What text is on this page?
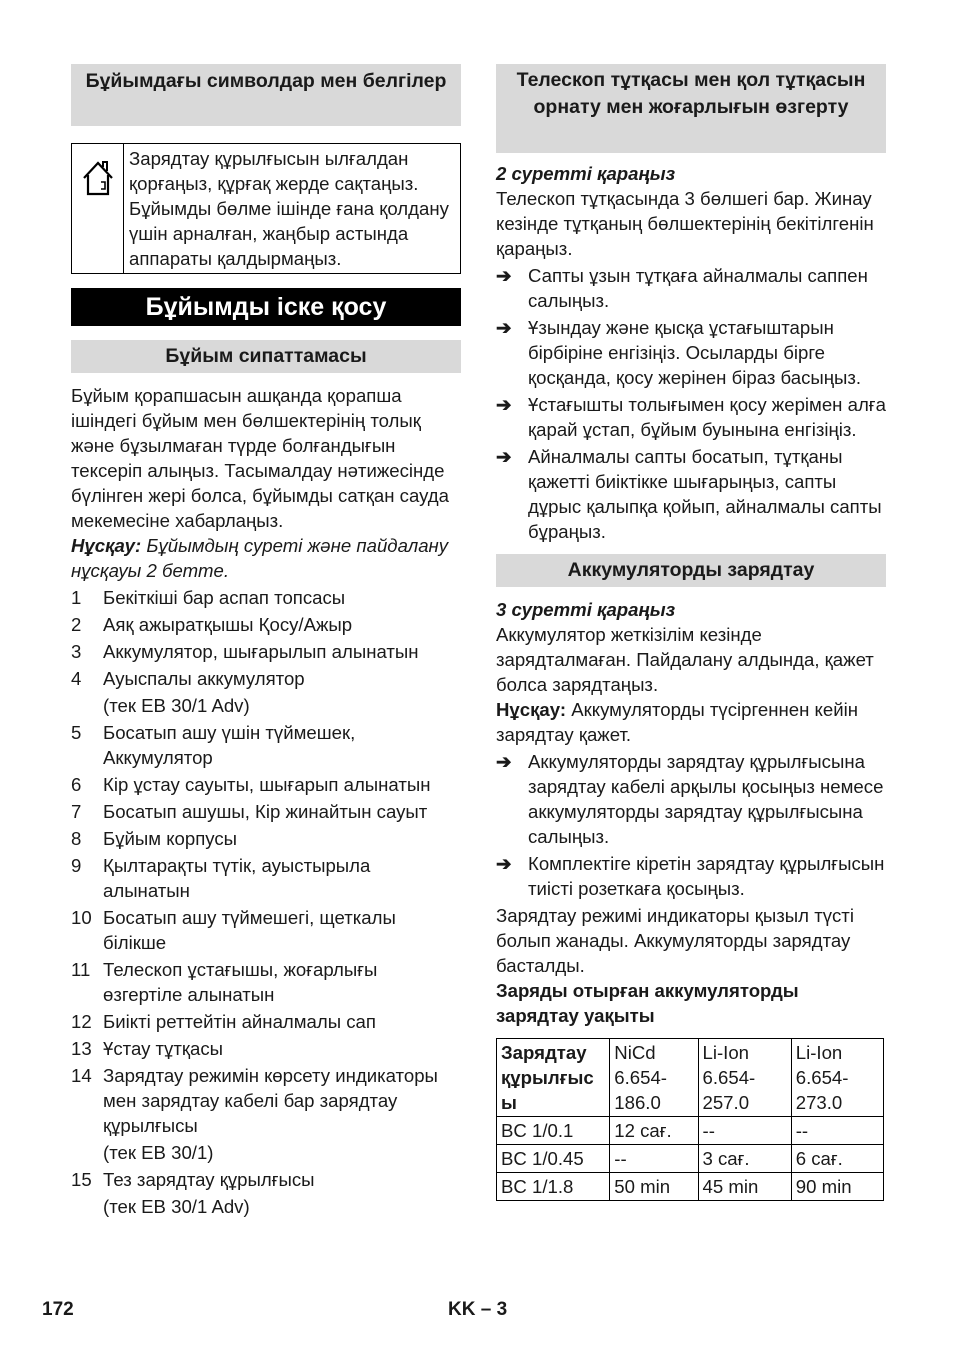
Бұйымдағы символдар мен белгілер
Зарядтау құрылғысын ылғалдан қорғаңыз, құрғақ жерде сақтаңыз. Бұйымды бөлме ішінде ғана қолдану үшін арналған, жаңбыр астында аппараты қалдырмаңыз.
Бұйымды іске қосу
Бұйым сипаттамасы

Бұйым қорапшасын ашқанда қорапша ішіндегі бұйым мен бөлшектерінің толық және бұзылмаған түрде болғандығын тексеріп алыңыз. Тасымалдау нәтижесінде бүлінген жері болса, бұйымды сатқан сауда мекемесіне хабарлаңыз.

Нұсқау: Бұйымдың суреті және пайдалану нұсқауы 2 бетте.

1	Бекіткіші бар аспап топсасы
2	Аяқ ажыратқышы Қосу/Ажыр
3	Аккумулятор, шығарылып алынатын
4	Ауыспалы аккумулятор
(тек EB 30/1 Adv)
5	Босатып ашу үшін түймешек, Аккумулятор
6	Кір ұстау сауыты, шығарып алынатын
7	Босатып ашушы, Кір жинайтын сауыт
8	Бұйым корпусы
9	Қылтарақты түтік, ауыстырыла алынатын
10 Босатып ашу түймешегі, щеткалы білікше
11 Телескоп ұстағышы, жоғарлығы өзгертіле алынатын
12 Биікті реттейтін айналмалы сап
13 Ұстау тұтқасы
14 Зарядтау режимін көрсету индикаторы мен зарядтау кабелі бар зарядтау құрылғысы
(тек EB 30/1)
15 Тез зарядтау құрылғысы
(тек EB 30/1 Adv)
Телескоп тұтқасы мен қол тұтқасын орнату мен жоғарлығын өзгерту

2 суретті қараңыз

Телескоп тұтқасында 3 бөлшегі бар. Жинау кезінде тұтқаның бөлшектерінің бекітілгенін қараңыз.

➔ Сапты ұзын тұтқаға айналмалы саппен салыңыз.
➔ Ұзындау және қысқа ұстағыштарын бірбіріне енгізіңіз. Осыларды бірге қосқанда, қосу жерінен біраз басыңыз.
➔ Ұстағышты толығымен қосу жерімен алға қарай ұстап, бұйым буынына енгізіңіз.
➔ Айналмалы сапты босатып, тұтқаны қажетті биіктікке шығарыңыз, сапты дұрыс қалыпқа қойып, айналмалы сапты бұраңыз.
Аккумуляторды зарядтау

3 суретті қараңыз

Аккумулятор жеткізілім кезінде зарядталмаған. Пайдалану алдында, қажет болса зарядтаңыз.

Нұсқау: Аккумуляторды түсіргеннен кейін зарядтау қажет.

➔ Аккумуляторды зарядтау құрылғысына зарядтау кабелі арқылы қосыңыз немесе аккумуляторды зарядтау құрылғысына салыңыз.
➔ Комплектіге кіретін зарядтау құрылғысын тиісті розеткаға қосыңыз.

Зарядтау режимі индикаторы қызыл түсті болып жанады. Аккумуляторды зарядтау басталды.

Заряды отырған аккумуляторды зарядтау уақыты

Зарядтау құрылғыс ы	NiCd 6.654-186.0	Li-Ion 6.654-257.0	Li-Ion 6.654-273.0
BC 1/0.1	12 сағ.	--	--
BC 1/0.45	--	3 сағ.	6 сағ.
BC 1/1.8	50 min	45 min	90 min
172	KK – 3
